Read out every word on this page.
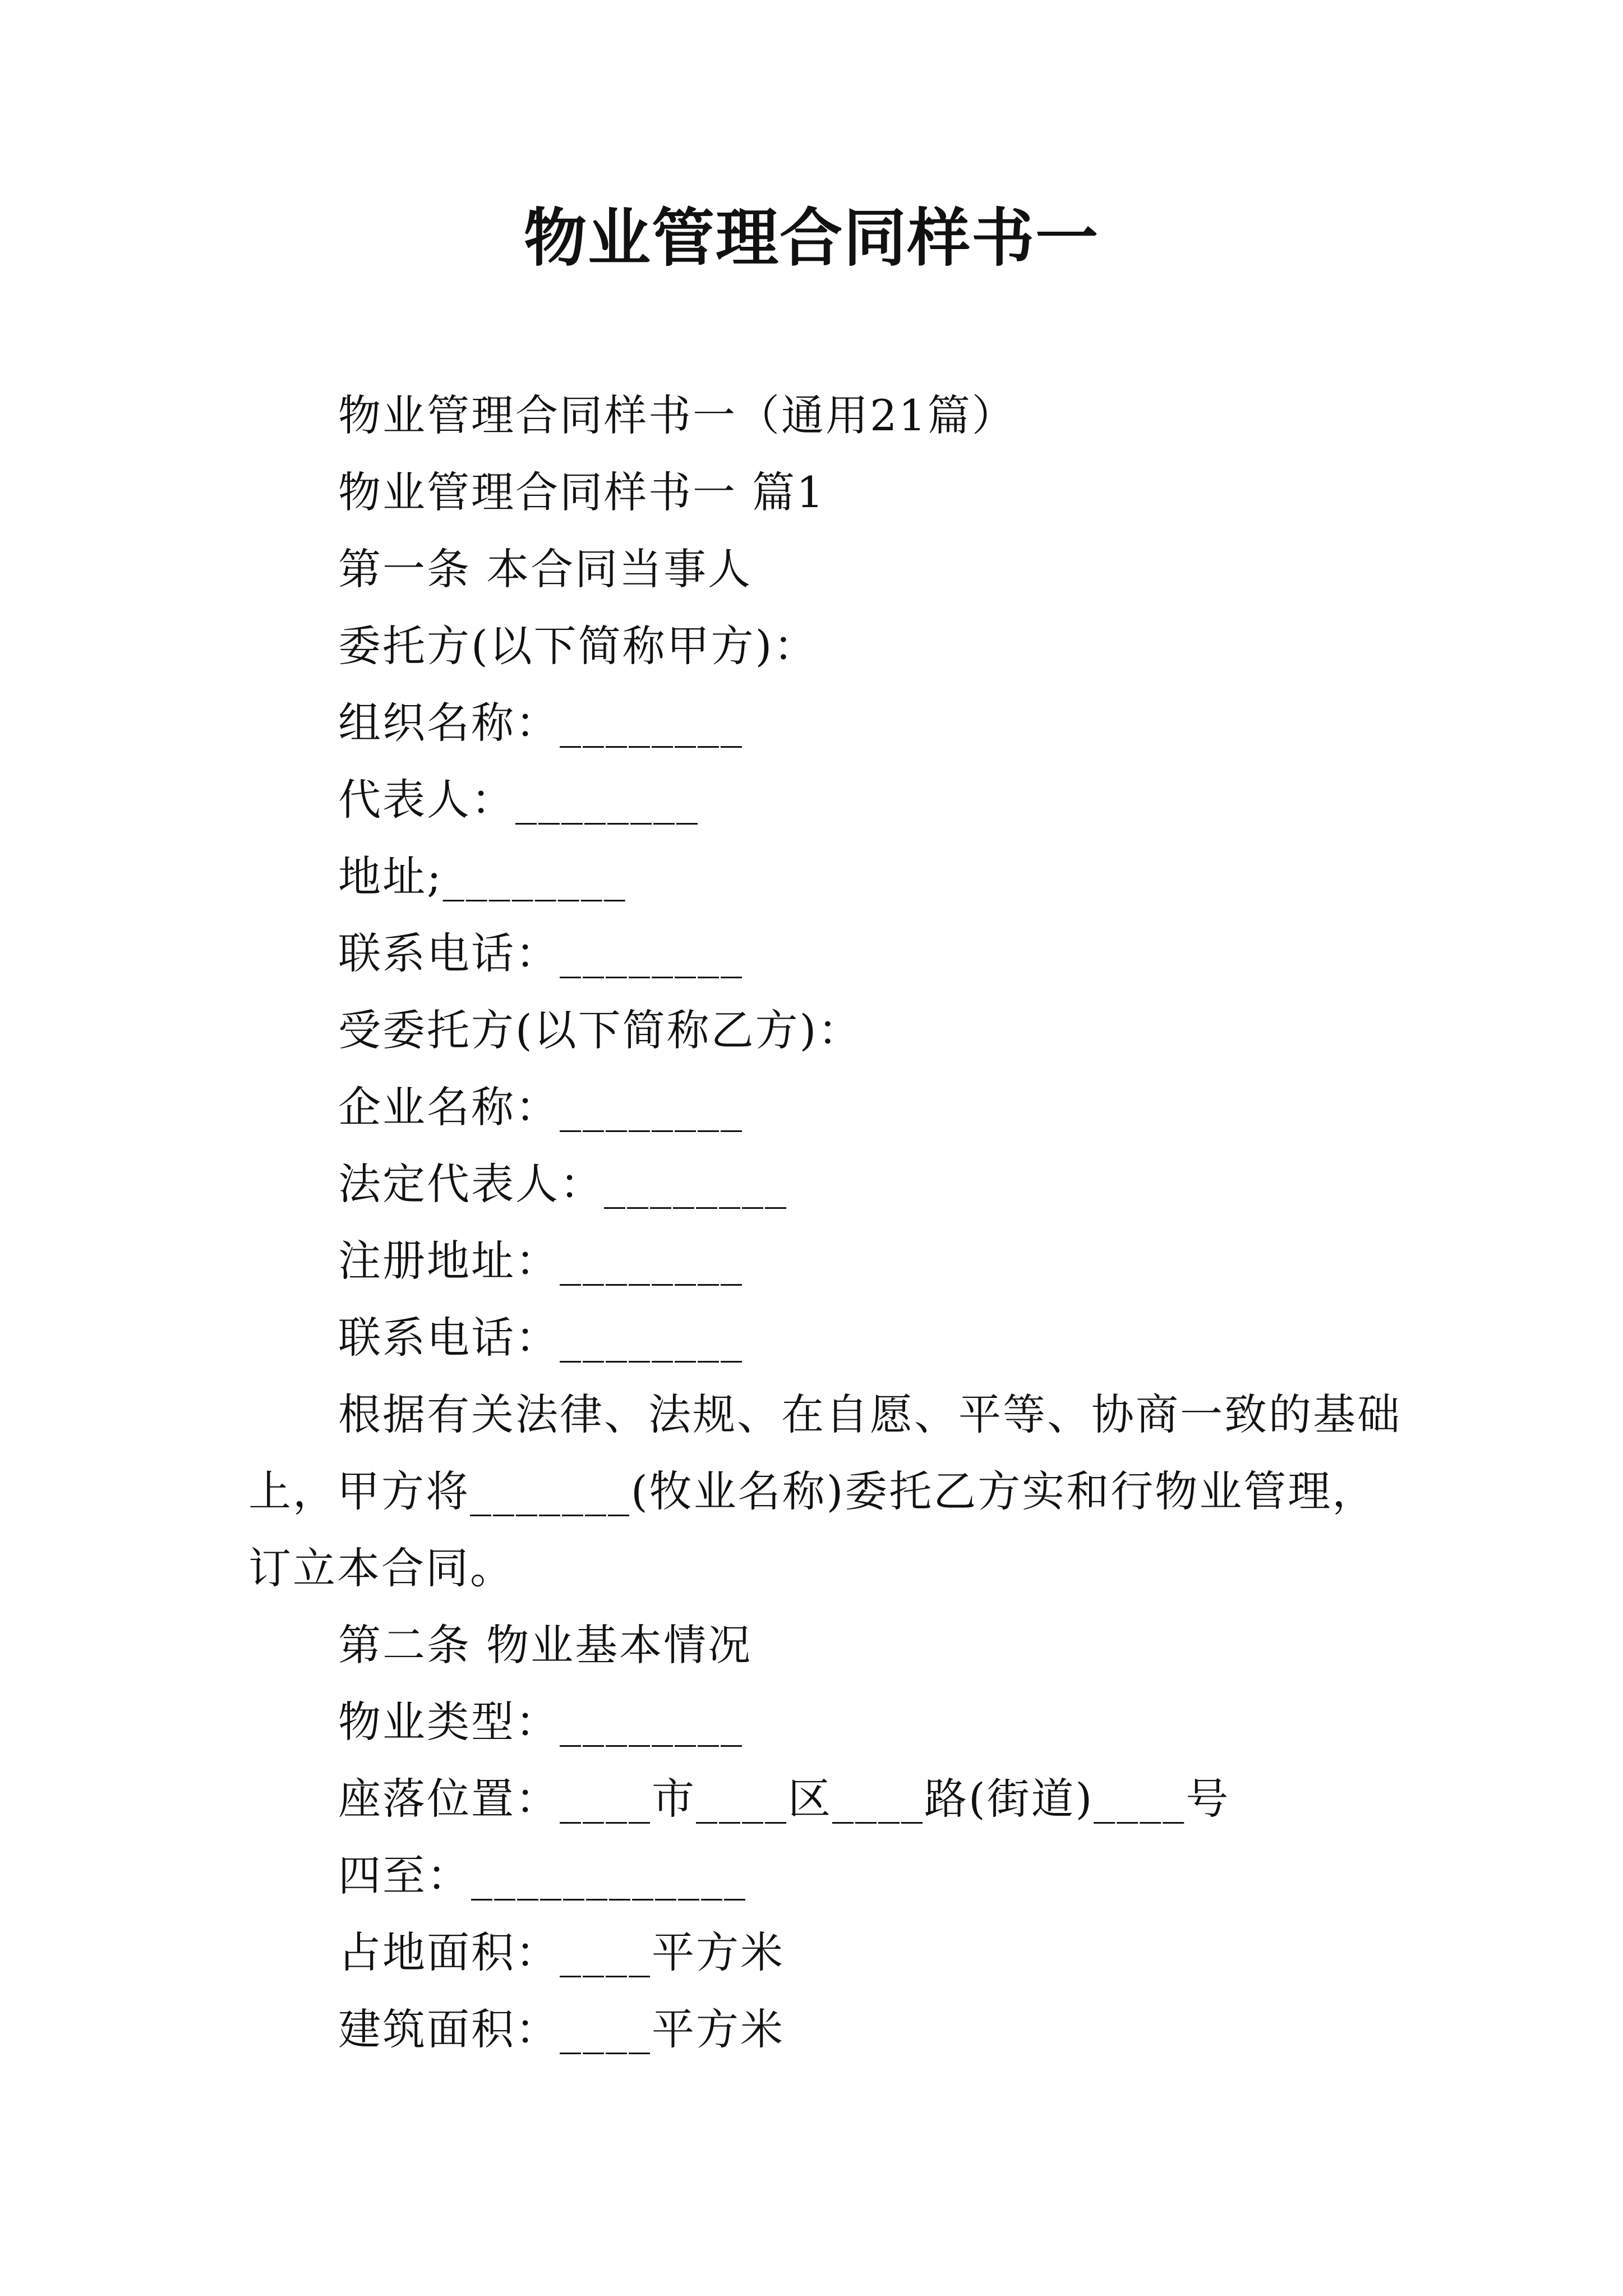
物业管理合同样书一
物业管理合同样书一（通用21篇）
物业管理合同样书一 篇1
第一条 本合同当事人
委托方(以下简称甲方)：
组织名称：________
代表人：________
地址;________
联系电话：________
受委托方(以下简称乙方)：
企业名称：________
法定代表人：________
注册地址：________
联系电话：________
根据有关法律、法规、在自愿、平等、协商一致的基础
上，甲方将_______(牧业名称)委托乙方实和行物业管理，
订立本合同。
第二条 物业基本情况
物业类型：________
座落位置：____市____区____路(街道)____号
四至：____________
占地面积：____平方米
建筑面积：____平方米
